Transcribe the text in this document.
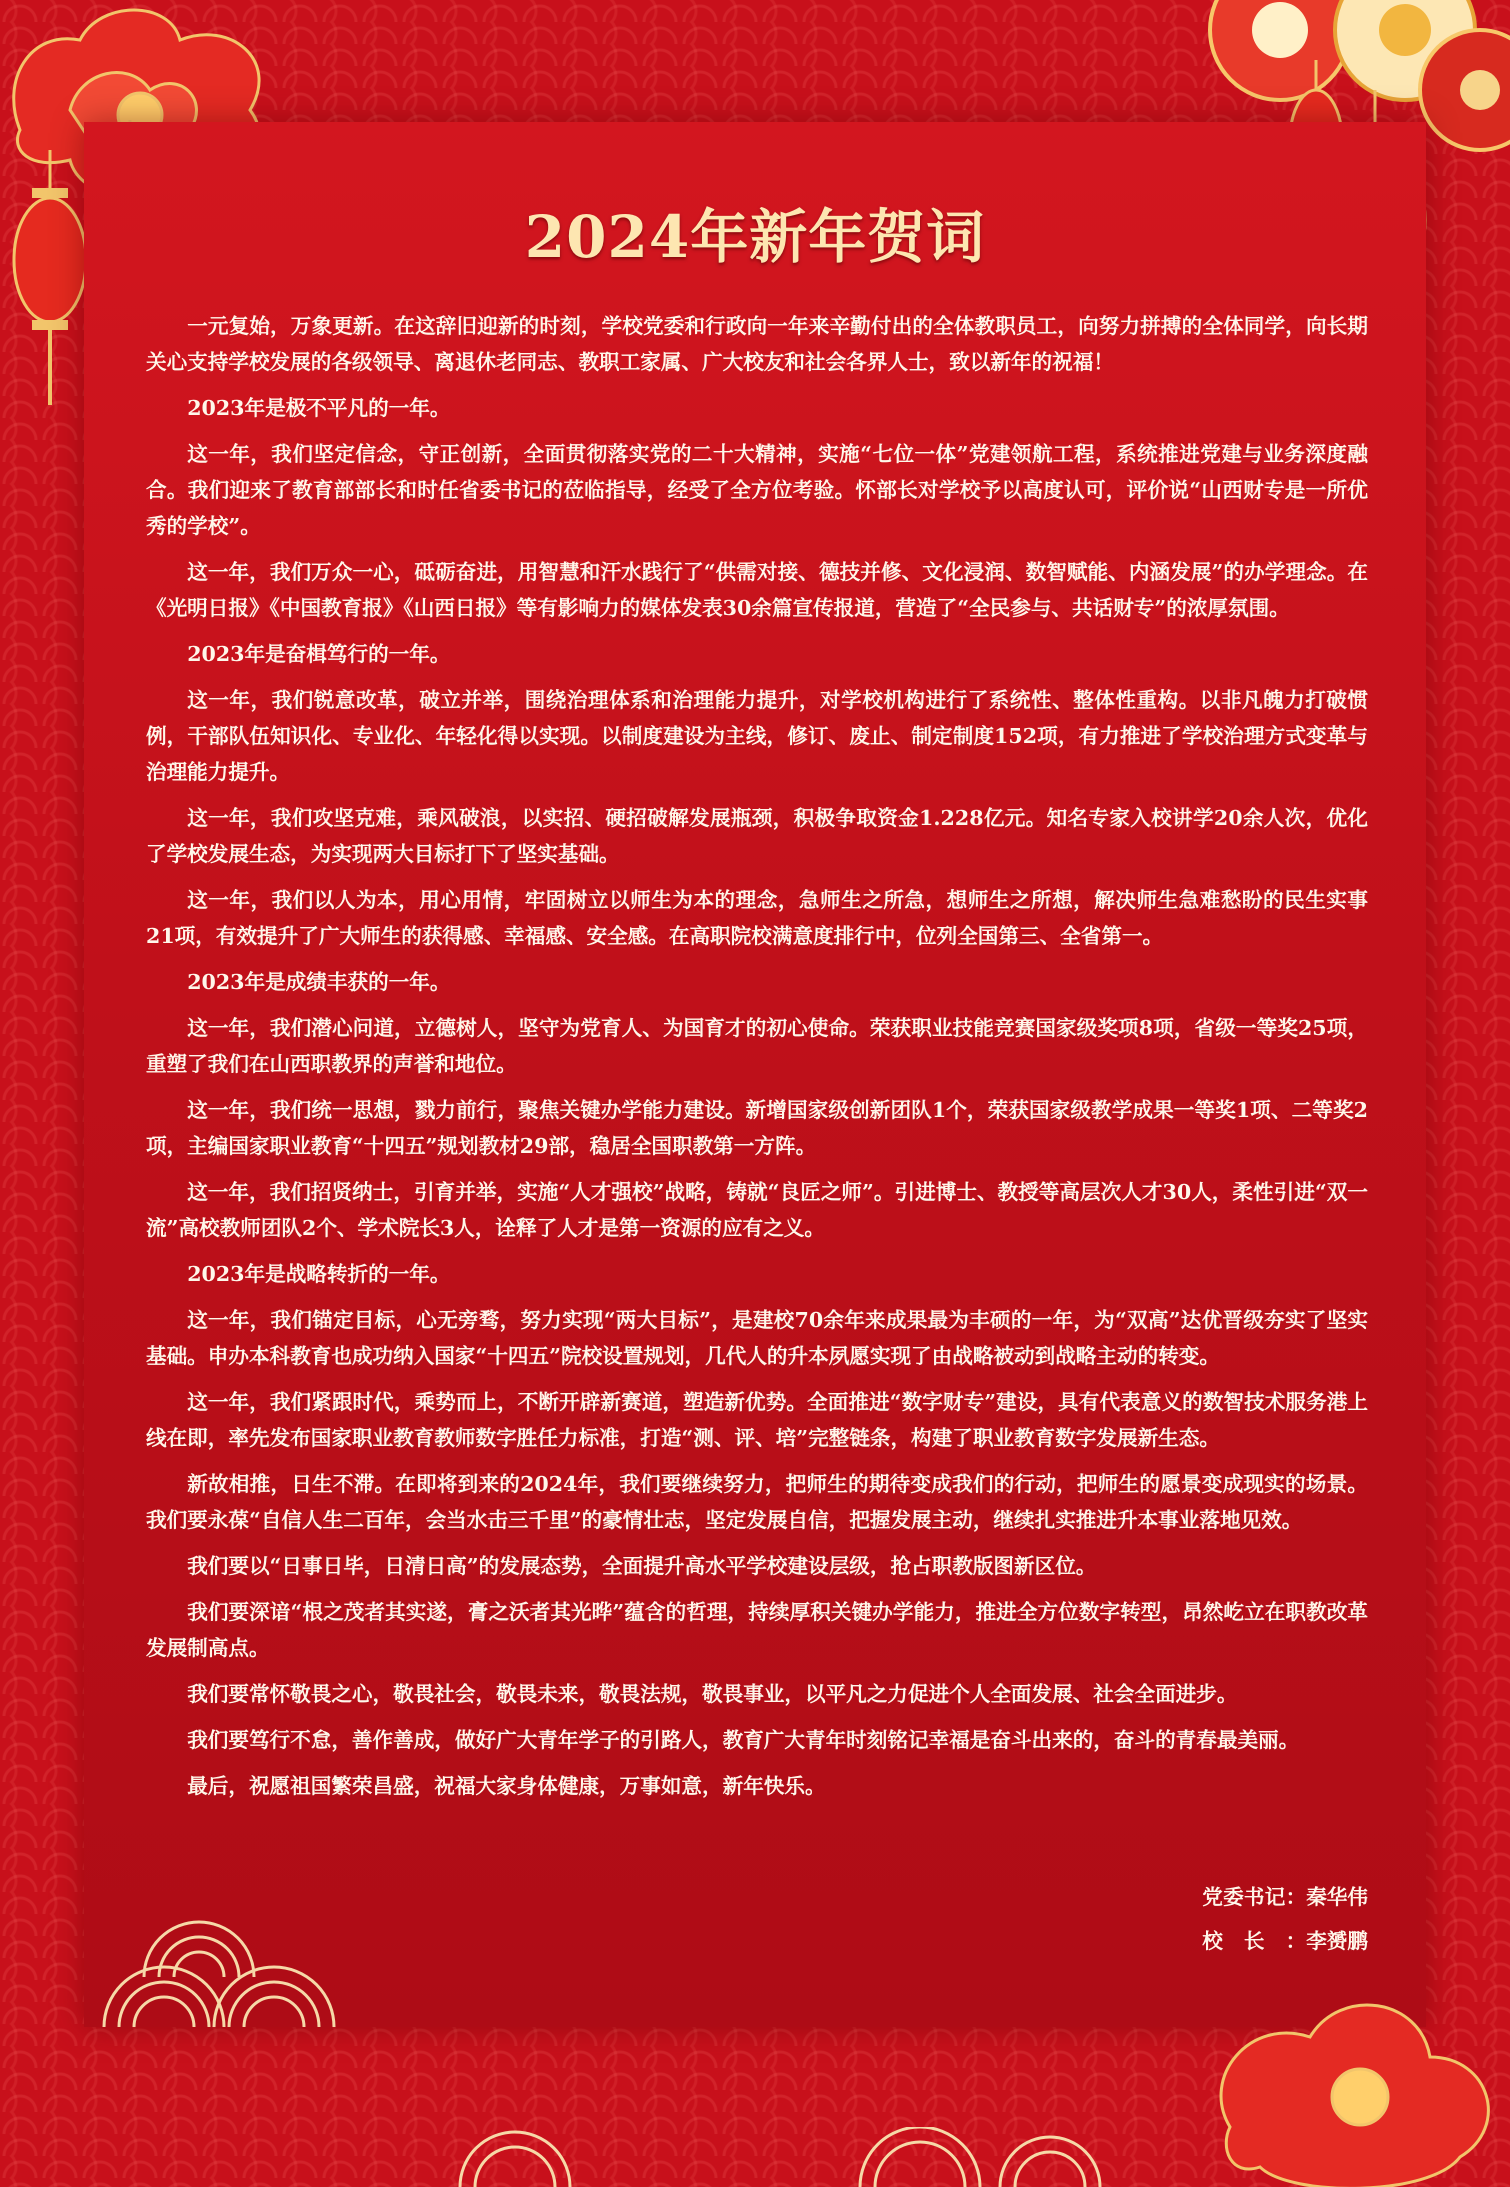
2024年新年贺词

一元复始，万象更新。在这辞旧迎新的时刻，学校党委和行政向一年来辛勤付出的全体教职员工，向努力拼搏的全体同学，向长期关心支持学校发展的各级领导、离退休老同志、教职工家属、广大校友和社会各界人士，致以新年的祝福！

2023年是极不平凡的一年。

这一年，我们坚定信念，守正创新，全面贯彻落实党的二十大精神，实施“七位一体”党建领航工程，系统推进党建与业务深度融合。我们迎来了教育部部长和时任省委书记的莅临指导，经受了全方位考验。怀部长对学校予以高度认可，评价说“山西财专是一所优秀的学校”。

这一年，我们万众一心，砥砺奋进，用智慧和汗水践行了“供需对接、德技并修、文化浸润、数智赋能、内涵发展”的办学理念。在《光明日报》《中国教育报》《山西日报》等有影响力的媒体发表30余篇宣传报道，营造了“全民参与、共话财专”的浓厚氛围。

2023年是奋楫笃行的一年。

这一年，我们锐意改革，破立并举，围绕治理体系和治理能力提升，对学校机构进行了系统性、整体性重构。以非凡魄力打破惯例，干部队伍知识化、专业化、年轻化得以实现。以制度建设为主线，修订、废止、制定制度152项，有力推进了学校治理方式变革与治理能力提升。

这一年，我们攻坚克难，乘风破浪，以实招、硬招破解发展瓶颈，积极争取资金1.228亿元。知名专家入校讲学20余人次，优化了学校发展生态，为实现两大目标打下了坚实基础。

这一年，我们以人为本，用心用情，牢固树立以师生为本的理念，急师生之所急，想师生之所想，解决师生急难愁盼的民生实事21项，有效提升了广大师生的获得感、幸福感、安全感。在高职院校满意度排行中，位列全国第三、全省第一。

2023年是成绩丰获的一年。

这一年，我们潜心问道，立德树人，坚守为党育人、为国育才的初心使命。荣获职业技能竞赛国家级奖项8项，省级一等奖25项，重塑了我们在山西职教界的声誉和地位。

这一年，我们统一思想，戮力前行，聚焦关键办学能力建设。新增国家级创新团队1个，荣获国家级教学成果一等奖1项、二等奖2项，主编国家职业教育“十四五”规划教材29部，稳居全国职教第一方阵。

这一年，我们招贤纳士，引育并举，实施“人才强校”战略，铸就“良匠之师”。引进博士、教授等高层次人才30人，柔性引进“双一流”高校教师团队2个、学术院长3人，诠释了人才是第一资源的应有之义。

2023年是战略转折的一年。

这一年，我们锚定目标，心无旁骛，努力实现“两大目标”，是建校70余年来成果最为丰硕的一年，为“双高”达优晋级夯实了坚实基础。申办本科教育也成功纳入国家“十四五”院校设置规划，几代人的升本夙愿实现了由战略被动到战略主动的转变。

这一年，我们紧跟时代，乘势而上，不断开辟新赛道，塑造新优势。全面推进“数字财专”建设，具有代表意义的数智技术服务港上线在即，率先发布国家职业教育教师数字胜任力标准，打造“测、评、培”完整链条，构建了职业教育数字发展新生态。

新故相推，日生不滞。在即将到来的2024年，我们要继续努力，把师生的期待变成我们的行动，把师生的愿景变成现实的场景。我们要永葆“自信人生二百年，会当水击三千里”的豪情壮志，坚定发展自信，把握发展主动，继续扎实推进升本事业落地见效。

我们要以“日事日毕，日清日高”的发展态势，全面提升高水平学校建设层级，抢占职教版图新区位。

我们要深谙“根之茂者其实遂，膏之沃者其光晔”蕴含的哲理，持续厚积关键办学能力，推进全方位数字转型，昂然屹立在职教改革发展制高点。

我们要常怀敬畏之心，敬畏社会，敬畏未来，敬畏法规，敬畏事业，以平凡之力促进个人全面发展、社会全面进步。

我们要笃行不怠，善作善成，做好广大青年学子的引路人，教育广大青年时刻铭记幸福是奋斗出来的，奋斗的青春最美丽。

最后，祝愿祖国繁荣昌盛，祝福大家身体健康，万事如意，新年快乐。

党委书记：秦华伟
校长：李赟鹏
